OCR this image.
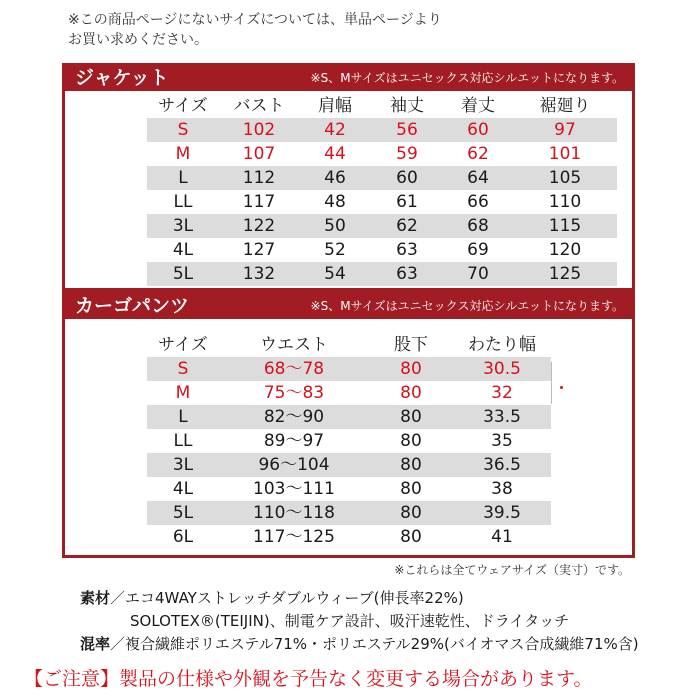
※この商品ページにないサイズについては、単品ページより
お買い求めください。
ジャケット	※S、Mサイズはユニセックス対応シルエットになります。
サイズ	バスト	肩幅	袖丈	着丈	裾廻り
S	102	42	56	60	97
M	107	44	59	62	101
L	112	46	60	64	105
LL	117	48	61	66	110
3L	122	50	62	68	115
4L	127	52	63	69	120
5L	132	54	63	70	125
カーゴパンツ	※S、Mサイズはユニセックス対応シルエットになります。
サイズ	ウエスト	股下	わたり幅
S	68〜78	80	30.5
M	75〜83	80	32
L	82〜90	80	33.5
LL	89〜97	80	35
3L	96〜104	80	36.5
4L	103〜111	80	38
5L	110〜118	80	39.5
6L	117〜125	80	41
※これらは全てウェアサイズ（実寸）です。
素材／エコ4WAYストレッチダブルウィーブ(伸長率22%)
SOLOTEX®(TEIJIN)、制電ケア設計、吸汗速乾性、ドライタッチ
混率／複合繊維ポリエステル71%・ポリエステル29%(バイオマス合成繊維71%含)
【ご注意】製品の仕様や外観を予告なく変更する場合があります。
